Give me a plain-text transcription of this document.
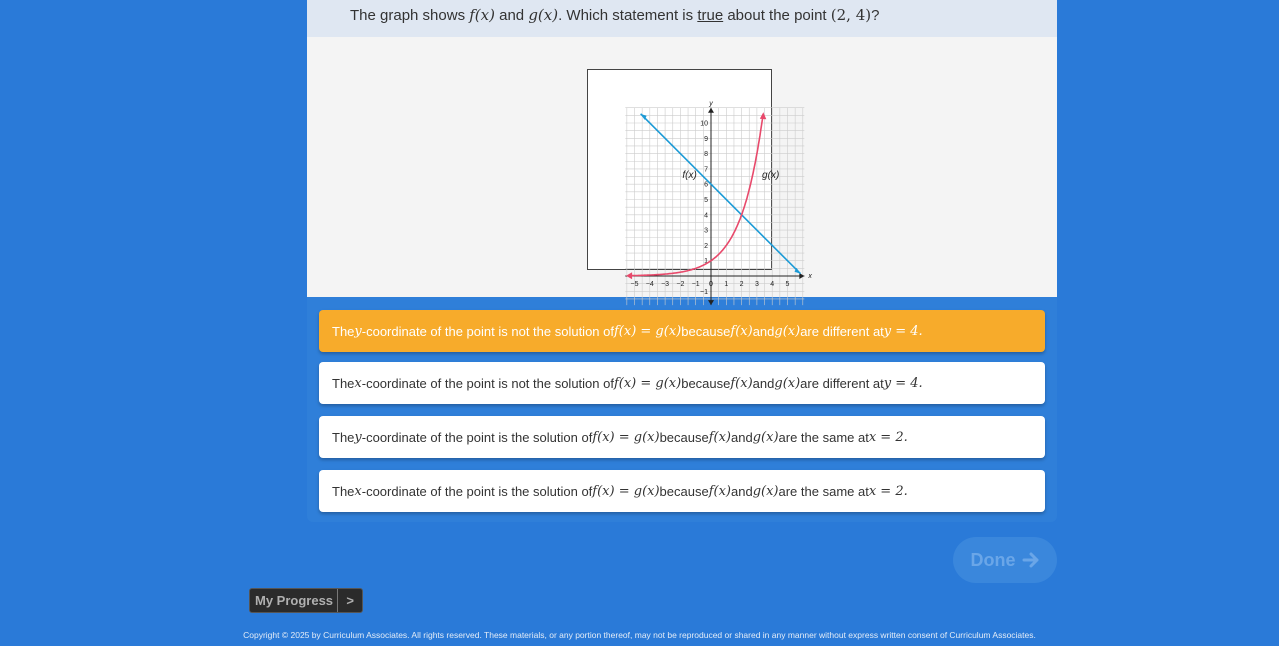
The graph shows f(x) and g(x). Which statement is true about the point (2, 4)?
−5 −4 −3 −2 −1 0 1 2 3 4 5
10
9
8
7
6
5
4
3
2
1
−1
x
y
f(x)	g(x)
The y -coordinate of the point is not the solution of f(x) = g(x) because f(x) and g(x) are different at y = 4.
The x -coordinate of the point is not the solution of f(x) = g(x) because f(x) and g(x) are different at y = 4.
The y -coordinate of the point is the solution of f(x) = g(x) because f(x) and g(x) are the same at x = 2.
The x -coordinate of the point is the solution of f(x) = g(x) because f(x) and g(x) are the same at x = 2.
Done
My Progress	>
Copyright © 2025 by Curriculum Associates. All rights reserved. These materials, or any portion thereof, may not be reproduced or shared in any manner without express written consent of Curriculum Associates.
